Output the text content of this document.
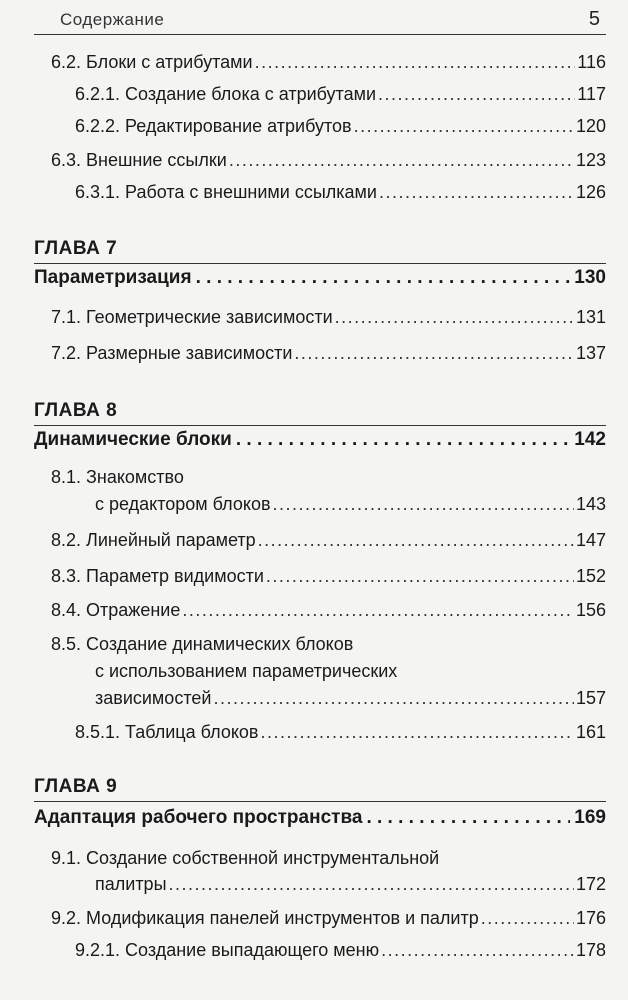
Содержание	5
6.2. Блоки с атрибутами .....	116
6.2.1. Создание блока с атрибутами .....	117
6.2.2. Редактирование атрибутов .....	120
6.3. Внешние ссылки .....	123
6.3.1. Работа с внешними ссылками .....	126
ГЛАВА 7
Параметризация . . .	130
7.1. Геометрические зависимости .....	131
7.2. Размерные зависимости .....	137
ГЛАВА 8
Динамические блоки . . .	142
8.1. Знакомство
с редактором блоков .....	143
8.2. Линейный параметр .....	147
8.3. Параметр видимости .....	152
8.4. Отражение .....	156
8.5. Создание динамических блоков
с использованием параметрических
зависимостей .....	157
8.5.1. Таблица блоков .....	161
ГЛАВА 9
Адаптация рабочего пространства . . .	169
9.1. Создание собственной инструментальной
палитры .....	172
9.2. Модификация панелей инструментов и палитр .....	176
9.2.1. Создание выпадающего меню .....	178
